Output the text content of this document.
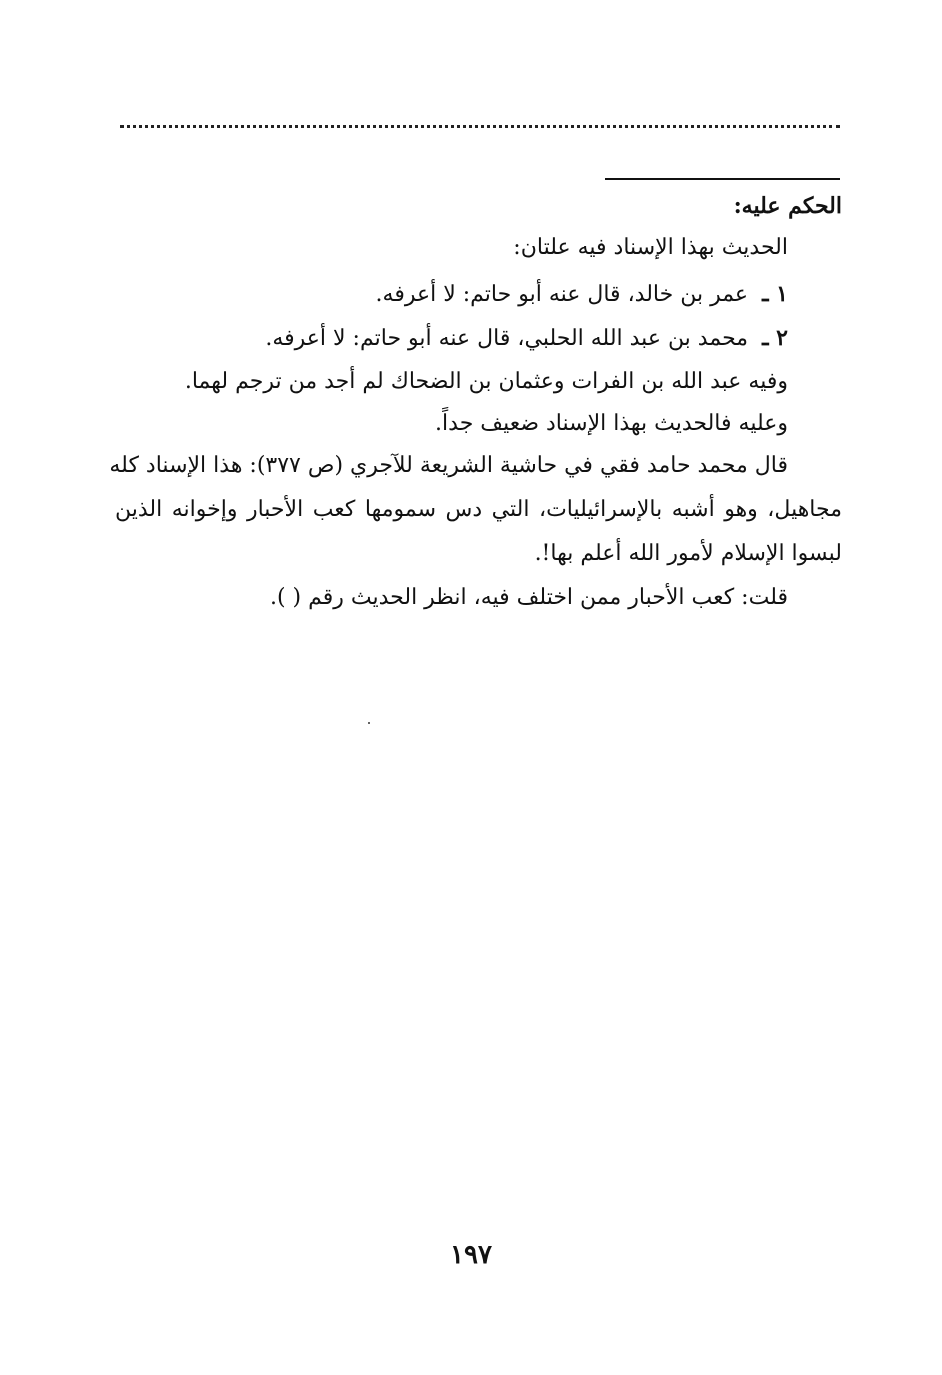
الحكم عليه:
الحديث بهذا الإسناد فيه علتان:
١ ـعمر بن خالد، قال عنه أبو حاتم: لا أعرفه.
٢ ـمحمد بن عبد الله الحلبي، قال عنه أبو حاتم: لا أعرفه.
وفيه عبد الله بن الفرات وعثمان بن الضحاك لم أجد من ترجم لهما.
وعليه فالحديث بهذا الإسناد ضعيف جداً.
قال محمد حامد فقي في حاشية الشريعة للآجري (ص ٣٧٧): هذا الإسناد كله
مجاهيل، وهو أشبه بالإسرائيليات، التي دس سمومها كعب الأحبار وإخوانه الذين
لبسوا الإسلام لأمور الله أعلم بها!.
قلت: كعب الأحبار ممن اختلف فيه، انظر الحديث رقم ( ).
١٩٧
